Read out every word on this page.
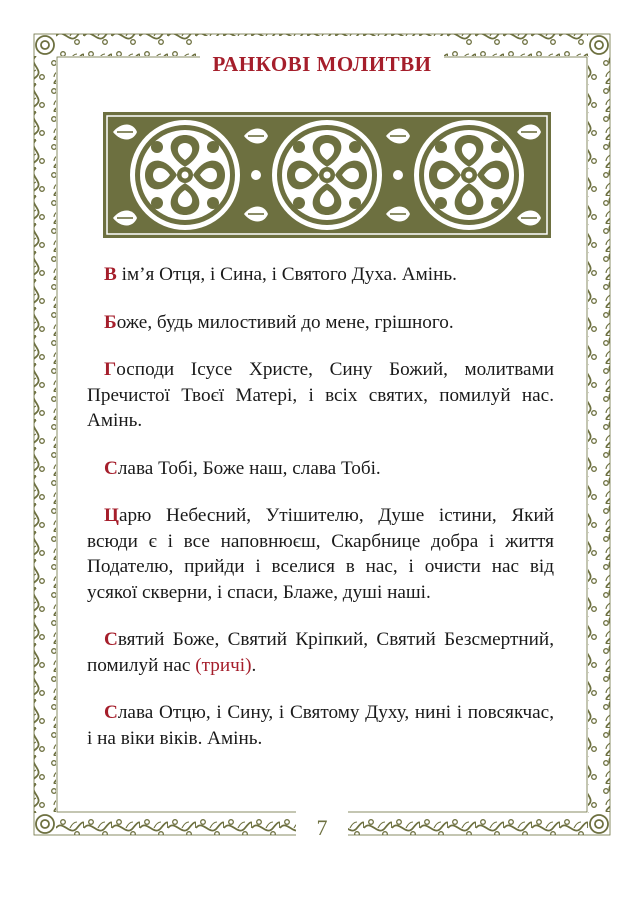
РАНКОВІ МОЛИТВИ

В ім’я Отця, і Сина, і Святого Духа. Амінь.

Боже, будь милостивий до мене, грішного.

Господи Ісусе Христе, Сину Божий, молитвами Пречистої Твоєї Матері, і всіх святих, помилуй нас. Амінь.

Слава Тобі, Боже наш, слава Тобі.

Царю Небесний, Утішителю, Душе істини, Який всюди є і все наповнюєш, Скарбнице добра і життя Подателю, прийди і вселися в нас, і очисти нас від усякої скверни, і спаси, Блаже, душі наші.

Святий Боже, Святий Кріпкий, Святий Безсмертний, помилуй нас (тричі).

Слава Отцю, і Сину, і Святому Духу, нині і повсякчас, і на віки віків. Амінь.

7
